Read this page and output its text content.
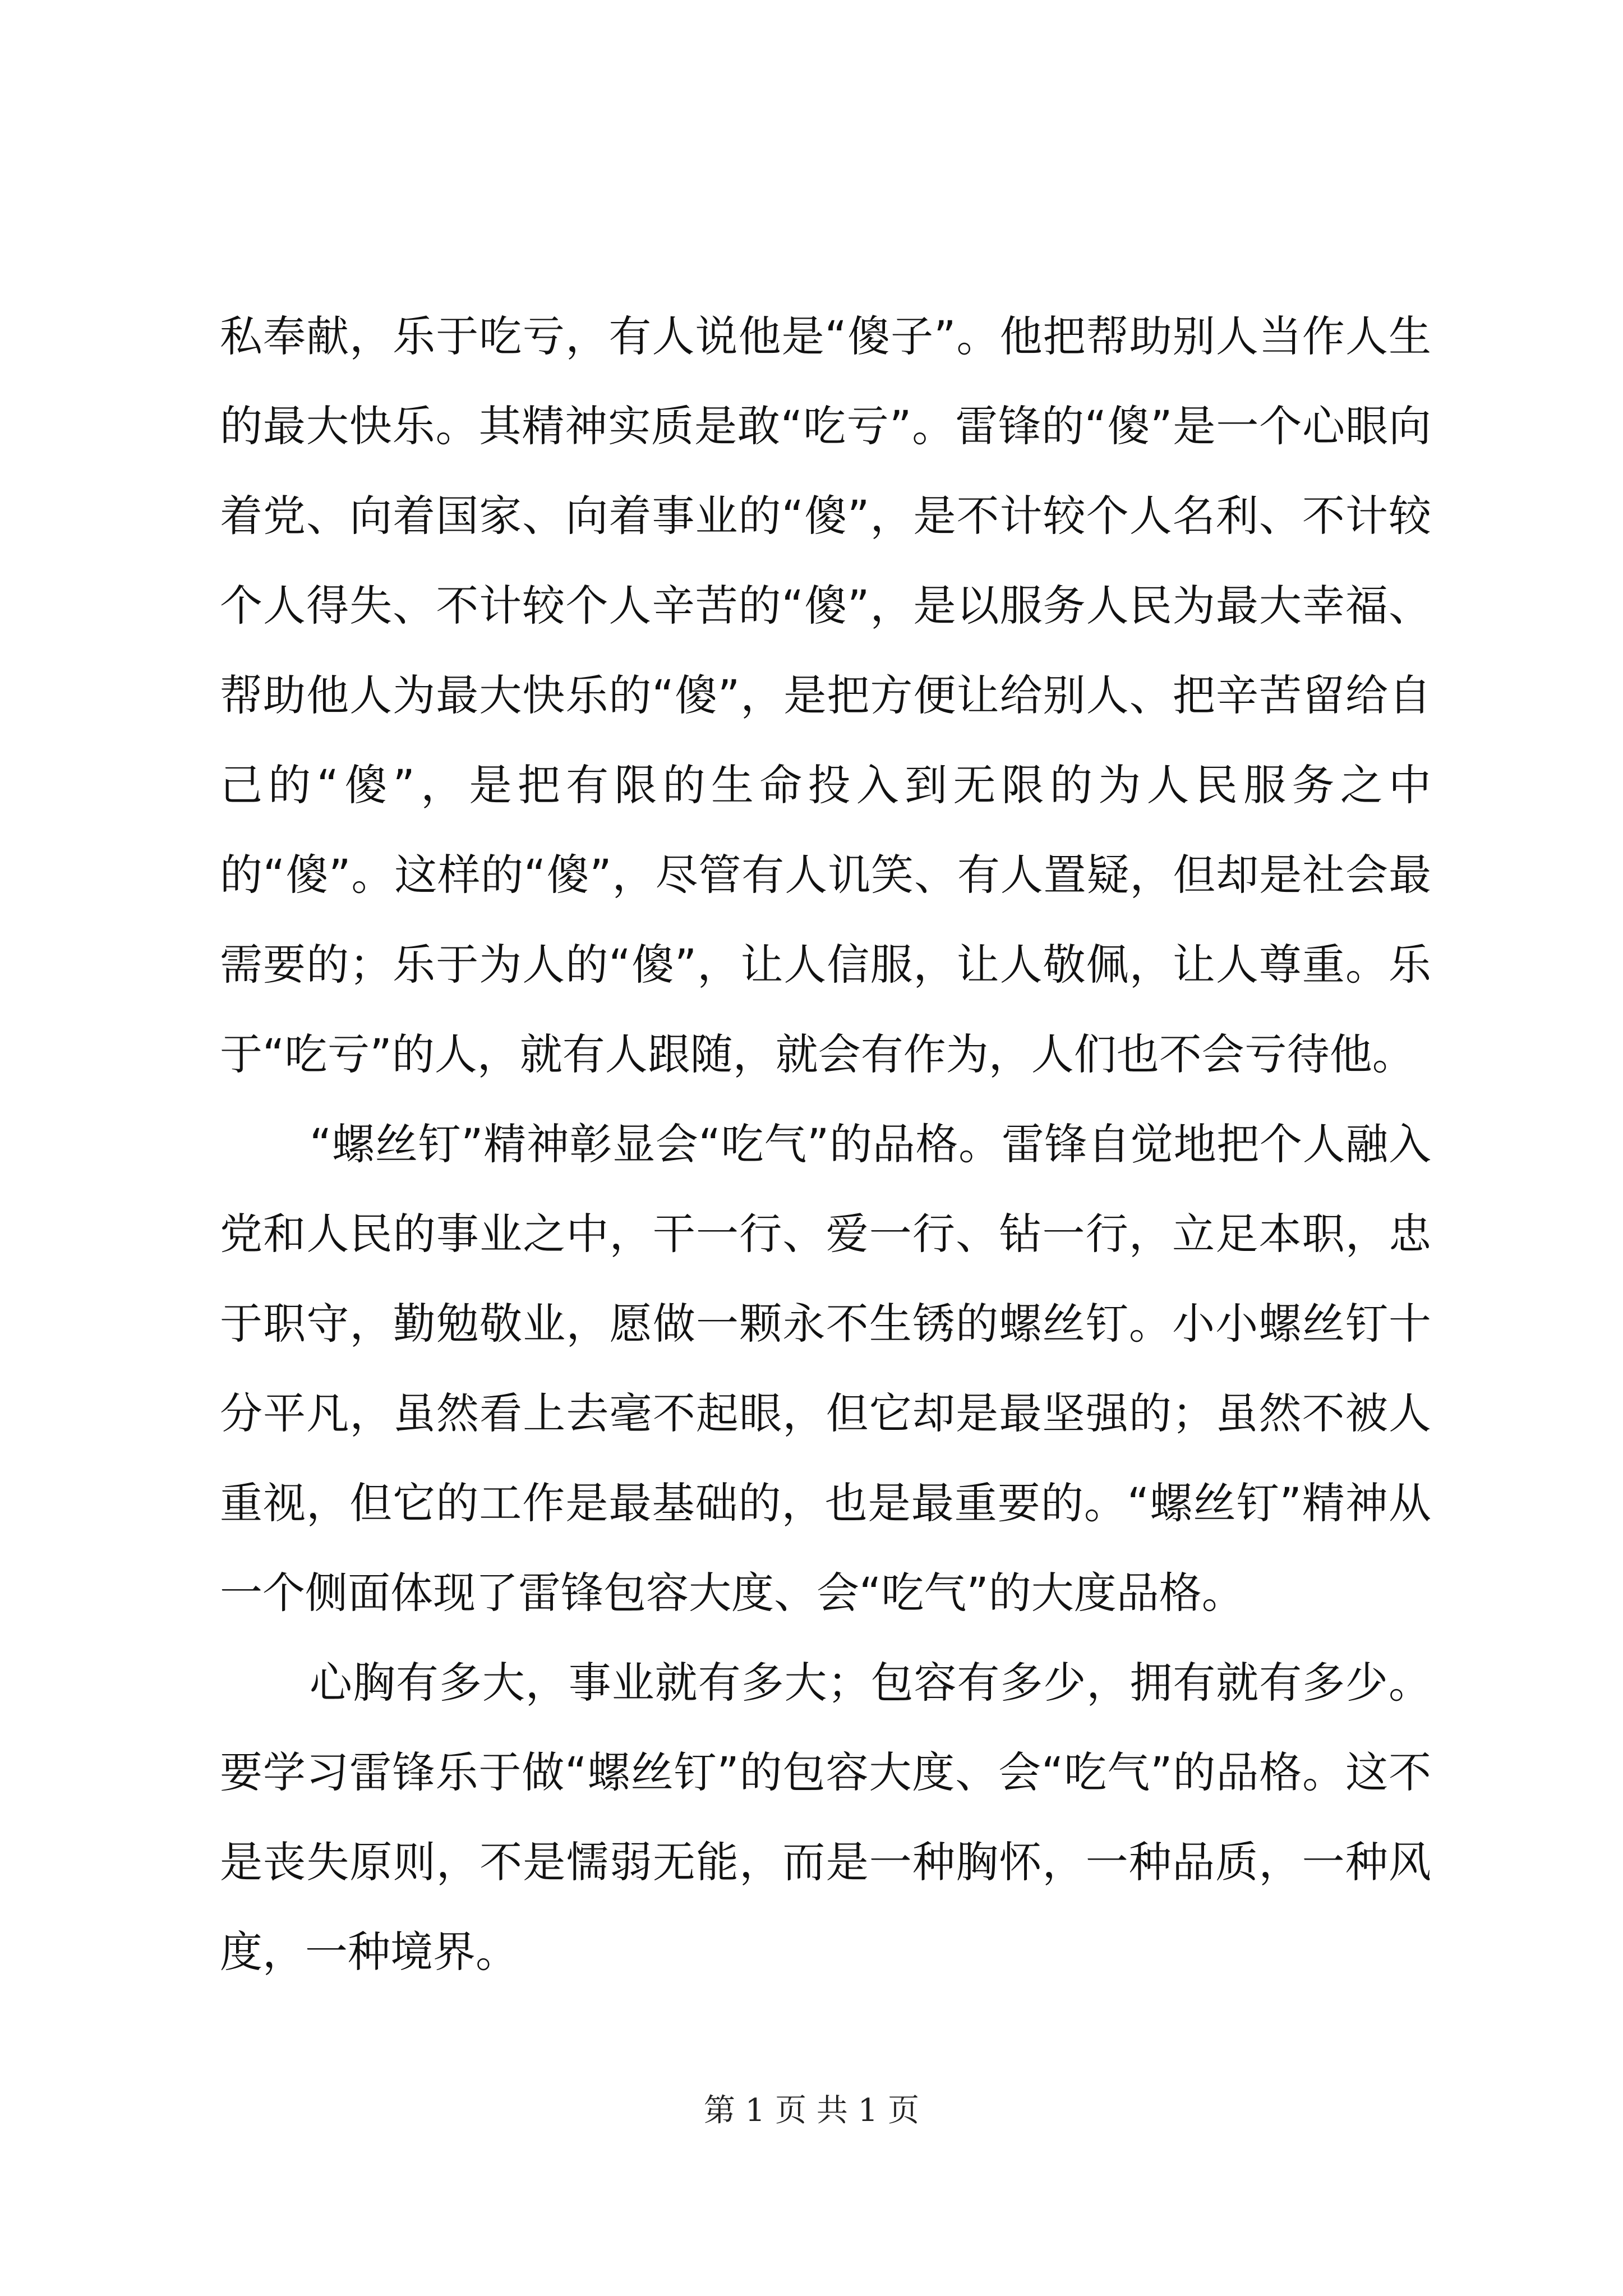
私奉献，乐于吃亏，有人说他是“傻子”。他把帮助别人当作人生的最大快乐。其精神实质是敢“吃亏”。雷锋的“傻”是一个心眼向着党、向着国家、向着事业的“傻”，是不计较个人名利、不计较个人得失、不计较个人辛苦的“傻”，是以服务人民为最大幸福、帮助他人为最大快乐的“傻”，是把方便让给别人、把辛苦留给自己的“傻”，是把有限的生命投入到无限的为人民服务之中的“傻”。这样的“傻”，尽管有人讥笑、有人置疑，但却是社会最需要的；乐于为人的“傻”，让人信服，让人敬佩，让人尊重。乐于“吃亏”的人，就有人跟随，就会有作为，人们也不会亏待他。

“螺丝钉”精神彰显会“吃气”的品格。雷锋自觉地把个人融入党和人民的事业之中，干一行、爱一行、钻一行，立足本职，忠于职守，勤勉敬业，愿做一颗永不生锈的螺丝钉。小小螺丝钉十分平凡，虽然看上去毫不起眼，但它却是最坚强的；虽然不被人重视，但它的工作是最基础的，也是最重要的。“螺丝钉”精神从一个侧面体现了雷锋包容大度、会“吃气”的大度品格。

心胸有多大，事业就有多大；包容有多少，拥有就有多少。要学习雷锋乐于做“螺丝钉”的包容大度、会“吃气”的品格。这不是丧失原则，不是懦弱无能，而是一种胸怀，一种品质，一种风度，一种境界。

第 1 页 共 1 页
